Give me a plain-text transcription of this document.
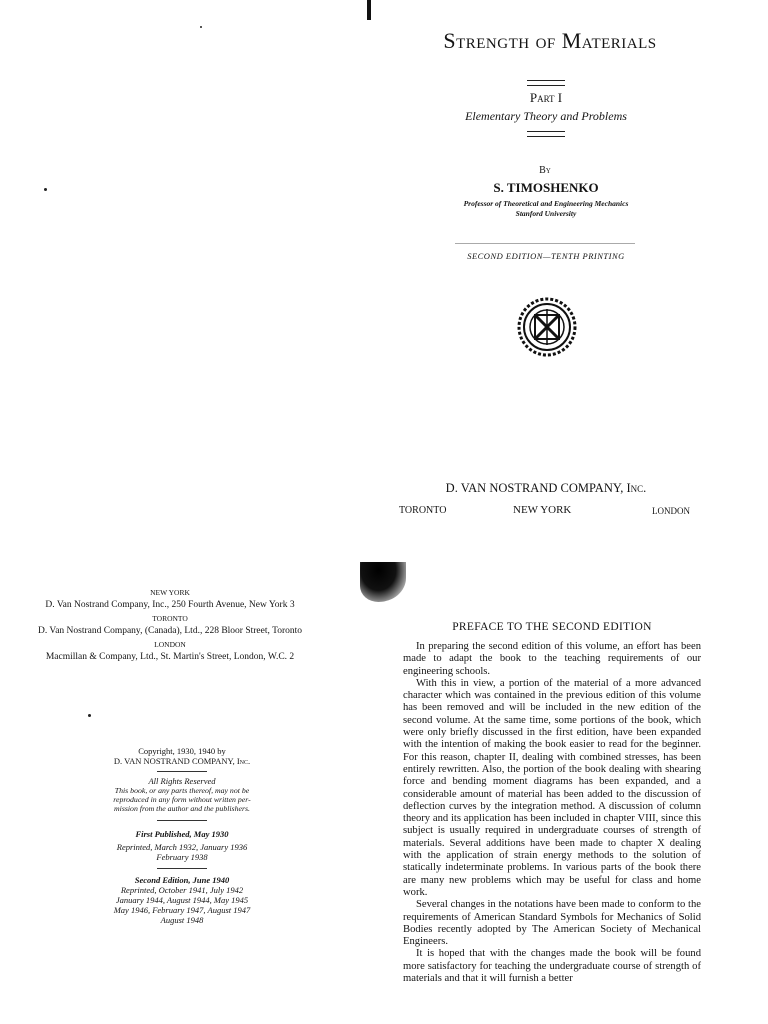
Strength of Materials
Part I
Elementary Theory and Problems
By
S. TIMOSHENKO
Professor of Theoretical and Engineering Mechanics
Stanford University
SECOND EDITION—TENTH PRINTING
D. VAN NOSTRAND COMPANY, Inc.
TORONTO	NEW YORK	LONDON
NEW YORK
D. Van Nostrand Company, Inc., 250 Fourth Avenue, New York 3
TORONTO
D. Van Nostrand Company, (Canada), Ltd., 228 Bloor Street, Toronto
LONDON
Macmillan & Company, Ltd., St. Martin's Street, London, W.C. 2
Copyright, 1930, 1940 by
D. VAN NOSTRAND COMPANY, Inc.
All Rights Reserved
This book, or any parts thereof, may not be
reproduced in any form without written per-
mission from the author and the publishers.
First Published, May 1930
Reprinted, March 1932, January 1936
February 1938
Second Edition, June 1940
Reprinted, October 1941, July 1942
January 1944, August 1944, May 1945
May 1946, February 1947, August 1947
August 1948
PREFACE TO THE SECOND EDITION

In preparing the second edition of this volume, an effort has been made to adapt the book to the teaching requirements of our engineering schools.

With this in view, a portion of the material of a more advanced character which was contained in the previous edition of this volume has been removed and will be included in the new edition of the second volume. At the same time, some portions of the book, which were only briefly discussed in the first edition, have been expanded with the intention of making the book easier to read for the beginner. For this reason, chapter II, dealing with combined stresses, has been entirely rewritten. Also, the portion of the book dealing with shearing force and bending moment diagrams has been expanded, and a considerable amount of material has been added to the discussion of deflection curves by the integration method. A discussion of column theory and its application has been included in chapter VIII, since this subject is usually required in undergraduate courses of strength of materials. Several additions have been made to chapter X dealing with the application of strain energy methods to the solution of statically indeterminate problems. In various parts of the book there are many new problems which may be useful for class and home work.

Several changes in the notations have been made to conform to the requirements of American Standard Symbols for Mechanics of Solid Bodies recently adopted by The American Society of Mechanical Engineers.

It is hoped that with the changes made the book will be found more satisfactory for teaching the undergraduate course of strength of materials and that it will furnish a better
